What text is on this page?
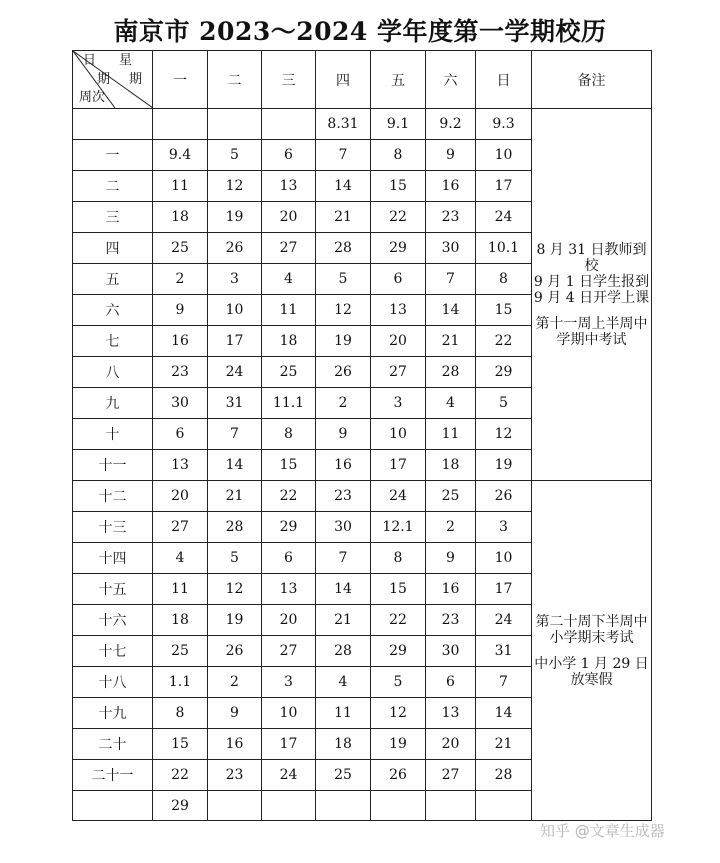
南京市 2023～2024 学年度第一学期校历
日 星
期 期
周次	一	二	三	四	五	六	日	备注
				8.31	9.1	9.2	9.3	8 月 31 日教师到校
9 月 1 日学生报到
9 月 4 日开学上课

第十一周上半周中
学期中考试

一	9.4	5	6	7	8	9	10	
二	11	12	13	14	15	16	17	
三	18	19	20	21	22	23	24	
四	25	26	27	28	29	30	10.1	
五	2	3	4	5	6	7	8	
六	9	10	11	12	13	14	15	
七	16	17	18	19	20	21	22	
八	23	24	25	26	27	28	29	
九	30	31	11.1	2	3	4	5	
十	6	7	8	9	10	11	12	
十一	13	14	15	16	17	18	19	
十二	20	21	22	23	24	25	26	第二十周下半周中
小学期末考试

中小学 1 月 29 日
放寒假

十三	27	28	29	30	12.1	2	3	
十四	4	5	6	7	8	9	10	
十五	11	12	13	14	15	16	17	
十六	18	19	20	21	22	23	24	
十七	25	26	27	28	29	30	31	
十八	1.1	2	3	4	5	6	7	
十九	8	9	10	11	12	13	14	
二十	15	16	17	18	19	20	21	
二十一	22	23	24	25	26	27	28	
	29							
知乎 @文章生成器
